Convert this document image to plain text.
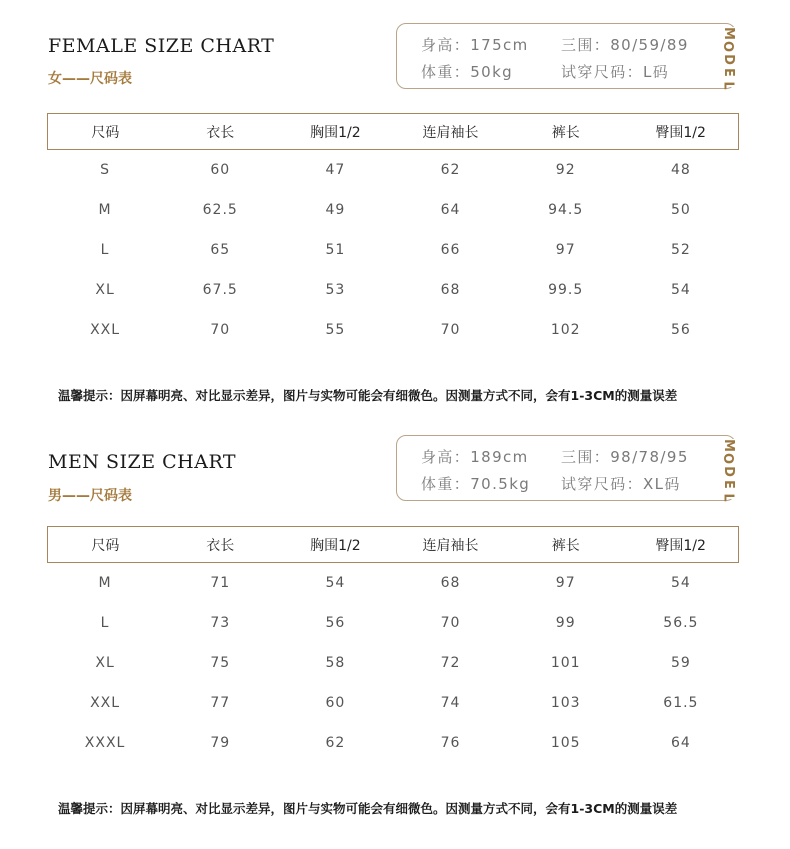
FEMALE SIZE CHART
女——尺码表
身高：175cm 三围：80/59/89
体重：50kg	试穿尺码：L码
M
O
D
E
L
尺码	衣长	胸围1/2	连肩袖长	裤长	臀围1/2
S	60	47	62	92	48
M	62.5	49	64	94.5	50
L	65	51	66	97	52
XL	67.5	53	68	99.5	54
XXL	70	55	70	102	56
温馨提示：因屏幕明亮、对比显示差异，图片与实物可能会有细微色。因测量方式不同，会有1-3CM的测量误差
MEN SIZE CHART
男——尺码表
身高：189cm 三围：98/78/95
体重：70.5kg 试穿尺码：XL码
M
O
D
E
L
尺码	衣长	胸围1/2	连肩袖长	裤长	臀围1/2
M	71	54	68	97	54
L	73	56	70	99	56.5
XL	75	58	72	101	59
XXL	77	60	74	103	61.5
XXXL	79	62	76	105	64
温馨提示：因屏幕明亮、对比显示差异，图片与实物可能会有细微色。因测量方式不同，会有1-3CM的测量误差
